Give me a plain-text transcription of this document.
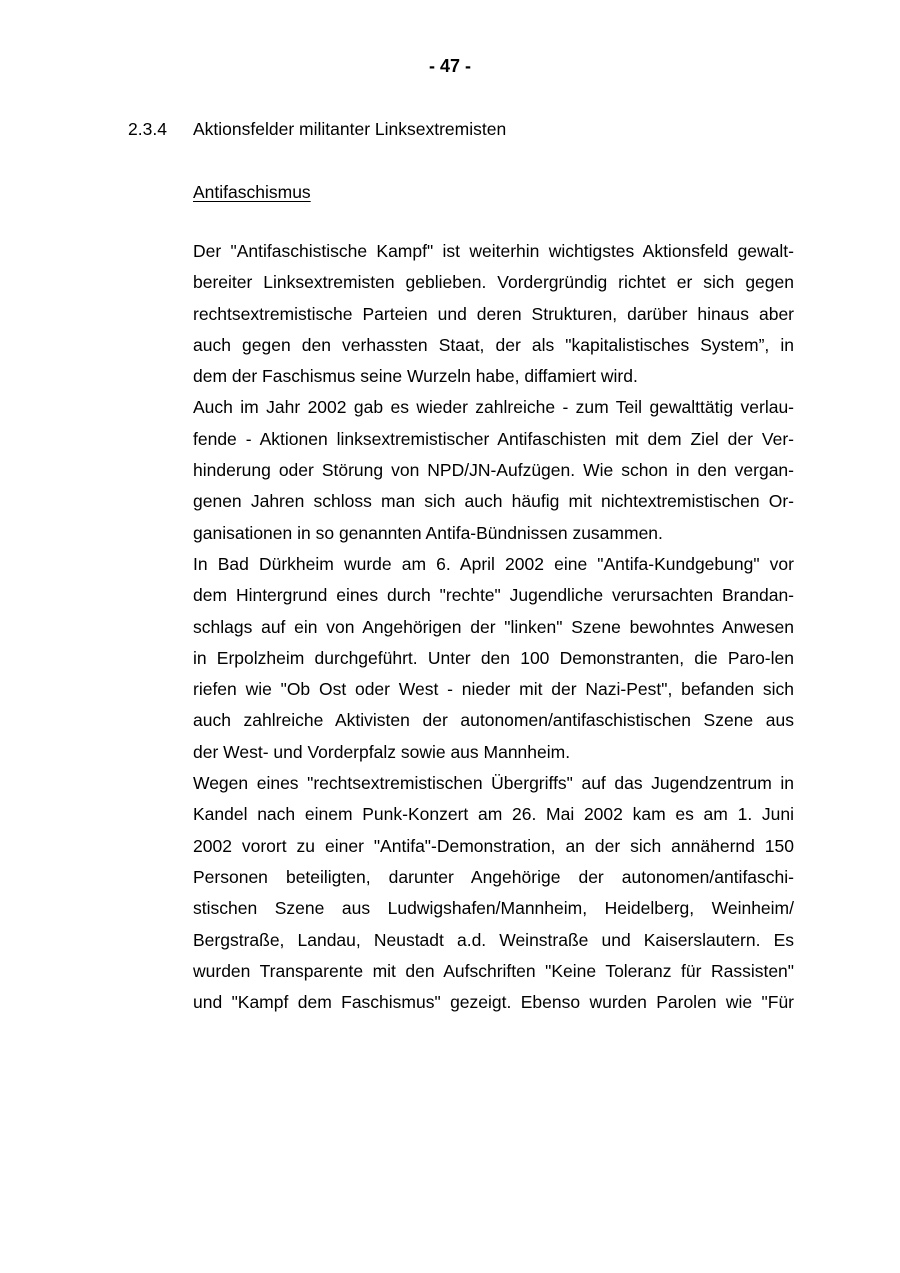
- 47 -
2.3.4 Aktionsfelder militanter Linksextremisten
Antifaschismus
Der "Antifaschistische Kampf" ist weiterhin wichtigstes Aktionsfeld gewalt-
bereiter Linksextremisten geblieben. Vordergründig richtet er sich gegen
rechtsextremistische Parteien und deren Strukturen, darüber hinaus aber
auch gegen den verhassten Staat, der als "kapitalistisches System”, in
dem der Faschismus seine Wurzeln habe, diffamiert wird.
Auch im Jahr 2002 gab es wieder zahlreiche - zum Teil gewalttätig verlau-
fende - Aktionen linksextremistischer Antifaschisten mit dem Ziel der Ver-
hinderung oder Störung von NPD/JN-Aufzügen. Wie schon in den vergan-
genen Jahren schloss man sich auch häufig mit nichtextremistischen Or-
ganisationen in so genannten Antifa-Bündnissen zusammen.
In Bad Dürkheim wurde am 6. April 2002 eine "Antifa-Kundgebung" vor
dem Hintergrund eines durch "rechte" Jugendliche verursachten Brandan-
schlags auf ein von Angehörigen der "linken" Szene bewohntes Anwesen
in Erpolzheim durchgeführt. Unter den 100 Demonstranten, die Paro-len
riefen wie "Ob Ost oder West - nieder mit der Nazi-Pest", befanden sich
auch zahlreiche Aktivisten der autonomen/antifaschistischen Szene aus
der West- und Vorderpfalz sowie aus Mannheim.
Wegen eines "rechtsextremistischen Übergriffs" auf das Jugendzentrum in
Kandel nach einem Punk-Konzert am 26. Mai 2002 kam es am 1. Juni
2002 vorort zu einer "Antifa"-Demonstration, an der sich annähernd 150
Personen beteiligten, darunter Angehörige der autonomen/antifaschi-
stischen Szene aus Ludwigshafen/Mannheim, Heidelberg, Weinheim/
Bergstraße, Landau, Neustadt a.d. Weinstraße und Kaiserslautern. Es
wurden Transparente mit den Aufschriften "Keine Toleranz für Rassisten"
und "Kampf dem Faschismus" gezeigt. Ebenso wurden Parolen wie "Für
